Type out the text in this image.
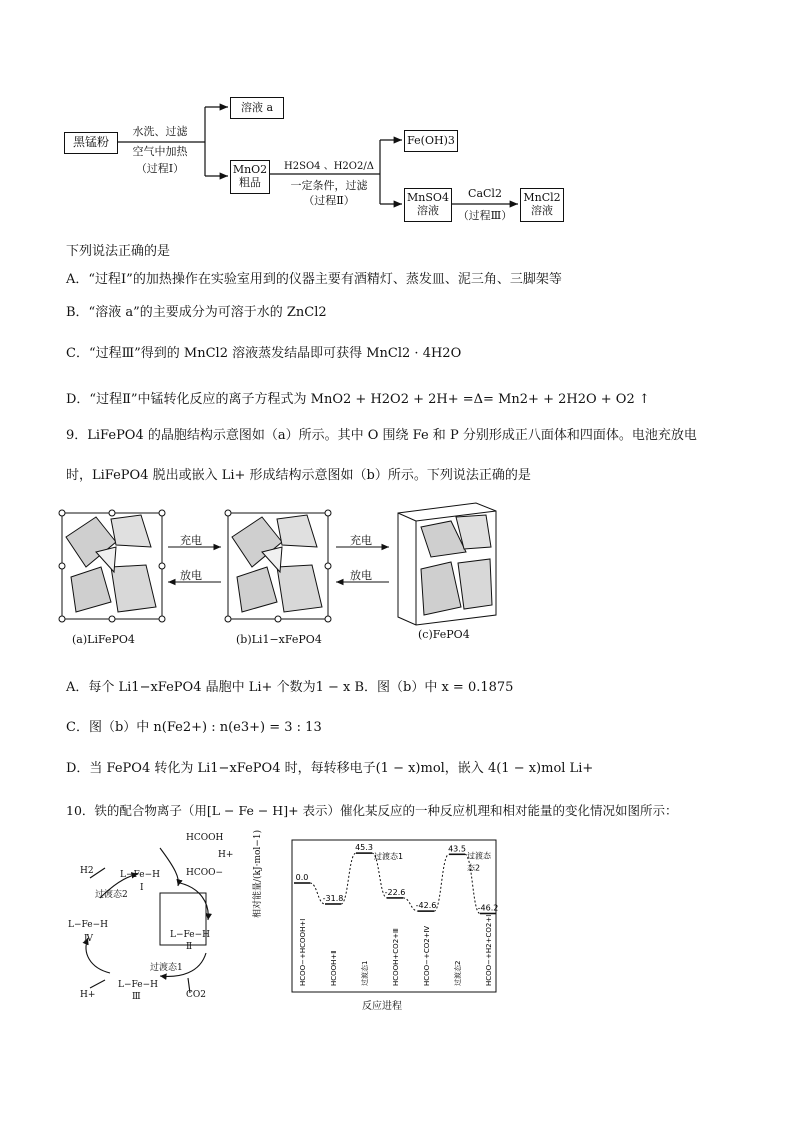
黑锰粉
水洗、过滤
空气中加热
（过程Ⅰ）
溶液 a
MnO2
粗品
H2SO4 、H2O2/Δ
一定条件，过滤
（过程Ⅱ）
Fe(OH)3
MnSO4
溶液
CaCl2
（过程Ⅲ）
MnCl2
溶液
下列说法正确的是
A．“过程Ⅰ”的加热操作在实验室用到的仪器主要有酒精灯、蒸发皿、泥三角、三脚架等
B．“溶液 a”的主要成分为可溶于水的 ZnCl2
C．“过程Ⅲ”得到的 MnCl2 溶液蒸发结晶即可获得 MnCl2 · 4H2O
D．“过程Ⅱ”中锰转化反应的离子方程式为 MnO2 + H2O2 + 2H+ =Δ= Mn2+ + 2H2O + O2 ↑
9．LiFePO4 的晶胞结构示意图如（a）所示。其中 O 围绕 Fe 和 P 分别形成正八面体和四面体。电池充放电
时，LiFePO4 脱出或嵌入 Li+ 形成结构示意图如（b）所示。下列说法正确的是
充电
放电
充电
放电
(a)LiFePO4	(b)Li1−xFePO4	(c)FePO4
A．每个 Li1−xFePO4 晶胞中 Li+ 个数为1 − x B．图（b）中 x = 0.1875
C．图（b）中 n(Fe2+) : n(e3+) = 3 : 13
D．当 FePO4 转化为 Li1−xFePO4 时，每转移电子(1 − x)mol，嵌入 4(1 − x)mol Li+
10．铁的配合物离子（用[L − Fe − H]+ 表示）催化某反应的一种反应机理和相对能量的变化情况如图所示：
HCOOH
H+
HCOO−
H2	L−Fe−H
Ⅰ
过渡态2
L−Fe−H
Ⅳ	L−Fe−H
Ⅱ
过渡态1
L−Fe−H
Ⅲ
H+	CO2
0.0
HCOO−+HCOOH+Ⅰ
-31.8
HCOOH+Ⅱ
45.3
过渡态1
-22.6
HCOOH+CO2+Ⅲ
-42.6
HCOO−+CO2+Ⅳ
43.5
过渡态2
-46.2
HCOO−+H2+CO2+Ⅰ
过渡态1	过渡态
态2
相对能量/(kJ·mol−1)
反应进程
